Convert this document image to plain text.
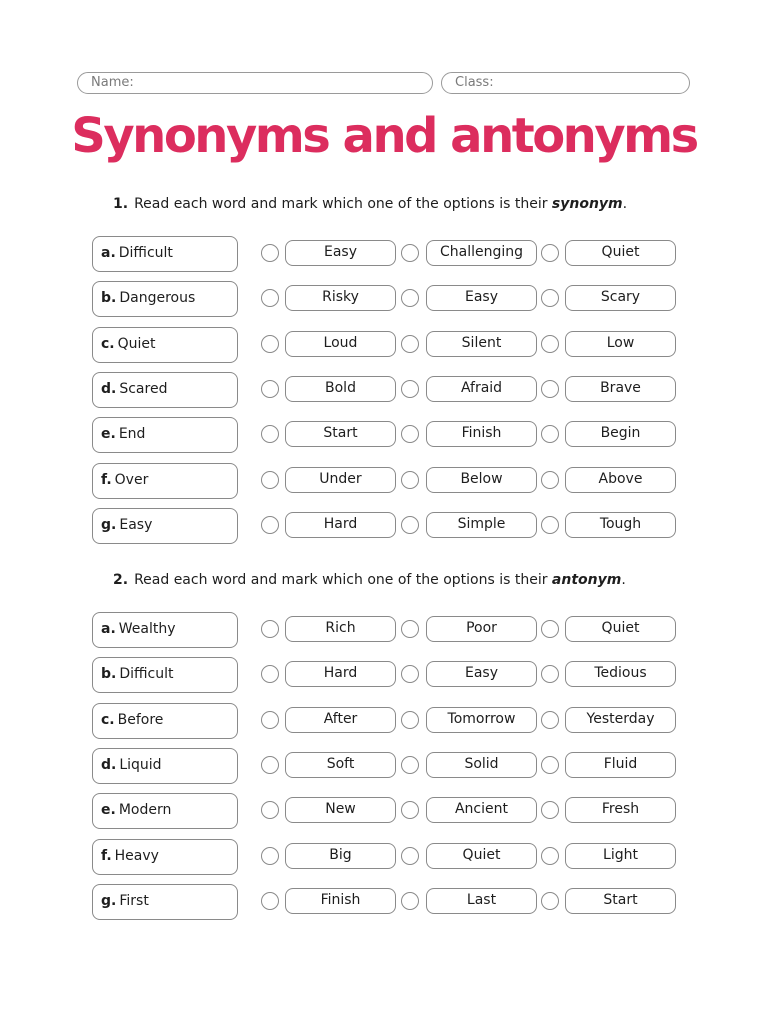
Name:	Class:
Synonyms and antonyms
1. Read each word and mark which one of the options is their synonym.
2. Read each word and mark which one of the options is their antonym.
a. Difficult	Easy	Challenging	Quiet
b. Dangerous	Risky	Easy	Scary
c. Quiet	Loud	Silent	Low
d. Scared	Bold	Afraid	Brave
e. End	Start	Finish	Begin
f. Over	Under	Below	Above
g. Easy	Hard	Simple	Tough
a. Wealthy	Rich	Poor	Quiet
b. Difficult	Hard	Easy	Tedious
c. Before	After	Tomorrow	Yesterday
d. Liquid	Soft	Solid	Fluid
e. Modern	New	Ancient	Fresh
f. Heavy	Big	Quiet	Light
g. First	Finish	Last	Start
